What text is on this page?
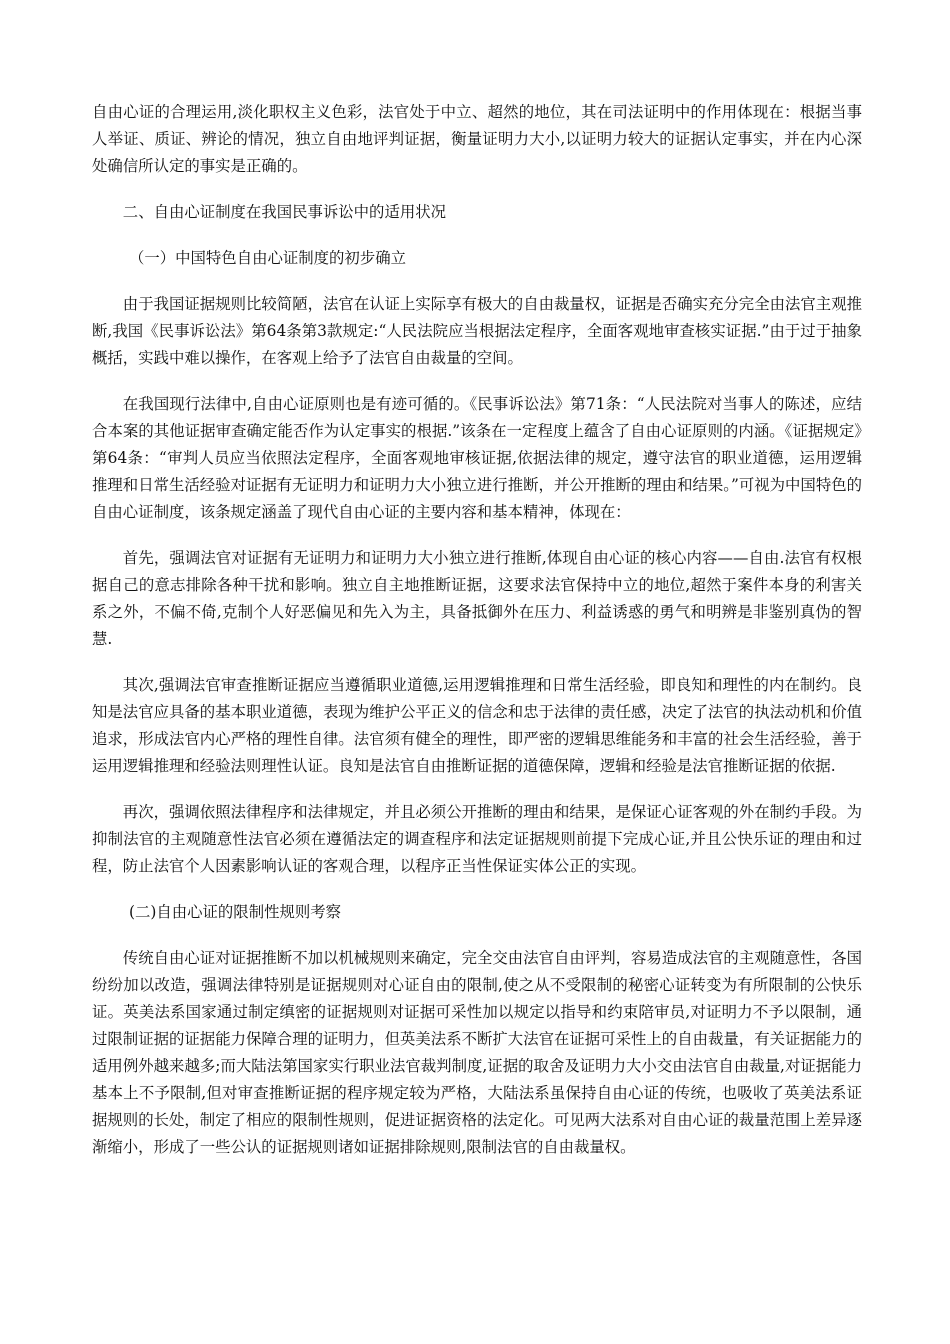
自由心证的合理运用,淡化职权主义色彩，法官处于中立、超然的地位，其在司法证明中的作用体现在：根据当事人举证、质证、辨论的情况，独立自由地评判证据，衡量证明力大小,以证明力较大的证据认定事实，并在内心深处确信所认定的事实是正确的。

二、自由心证制度在我国民事诉讼中的适用状况

（一）中国特色自由心证制度的初步确立

由于我国证据规则比较简陋，法官在认证上实际享有极大的自由裁量权，证据是否确实充分完全由法官主观推断,我国《民事诉讼法》第64条第3款规定:“人民法院应当根据法定程序，全面客观地审查核实证据.”由于过于抽象概括，实践中难以操作，在客观上给予了法官自由裁量的空间。

在我国现行法律中,自由心证原则也是有迹可循的。《民事诉讼法》第71条：“人民法院对当事人的陈述，应结合本案的其他证据审查确定能否作为认定事实的根据.”该条在一定程度上蕴含了自由心证原则的内涵。《证据规定》第64条：“审判人员应当依照法定程序，全面客观地审核证据,依据法律的规定，遵守法官的职业道德，运用逻辑推理和日常生活经验对证据有无证明力和证明力大小独立进行推断，并公开推断的理由和结果。”可视为中国特色的自由心证制度，该条规定涵盖了现代自由心证的主要内容和基本精神，体现在：

首先，强调法官对证据有无证明力和证明力大小独立进行推断,体现自由心证的核心内容——自由.法官有权根据自己的意志排除各种干扰和影响。独立自主地推断证据，这要求法官保持中立的地位,超然于案件本身的利害关系之外，不偏不倚,克制个人好恶偏见和先入为主，具备抵御外在压力、利益诱惑的勇气和明辨是非鉴别真伪的智慧.

其次,强调法官审查推断证据应当遵循职业道德,运用逻辑推理和日常生活经验，即良知和理性的内在制约。良知是法官应具备的基本职业道德，表现为维护公平正义的信念和忠于法律的责任感，决定了法官的执法动机和价值追求，形成法官内心严格的理性自律。法官须有健全的理性，即严密的逻辑思维能务和丰富的社会生活经验，善于运用逻辑推理和经验法则理性认证。良知是法官自由推断证据的道德保障，逻辑和经验是法官推断证据的依据.

再次，强调依照法律程序和法律规定，并且必须公开推断的理由和结果，是保证心证客观的外在制约手段。为抑制法官的主观随意性法官必须在遵循法定的调查程序和法定证据规则前提下完成心证,并且公快乐证的理由和过程，防止法官个人因素影响认证的客观合理，以程序正当性保证实体公正的实现。

(二)自由心证的限制性规则考察

传统自由心证对证据推断不加以机械规则来确定，完全交由法官自由评判，容易造成法官的主观随意性，各国纷纷加以改造，强调法律特别是证据规则对心证自由的限制,使之从不受限制的秘密心证转变为有所限制的公快乐证。英美法系国家通过制定缜密的证据规则对证据可采性加以规定以指导和约束陪审员,对证明力不予以限制，通过限制证据的证据能力保障合理的证明力，但英美法系不断扩大法官在证据可采性上的自由裁量，有关证据能力的适用例外越来越多;而大陆法第国家实行职业法官裁判制度,证据的取舍及证明力大小交由法官自由裁量,对证据能力基本上不予限制,但对审查推断证据的程序规定较为严格，大陆法系虽保持自由心证的传统，也吸收了英美法系证据规则的长处，制定了相应的限制性规则，促进证据资格的法定化。可见两大法系对自由心证的裁量范围上差异逐渐缩小，形成了一些公认的证据规则诸如证据排除规则,限制法官的自由裁量权。
